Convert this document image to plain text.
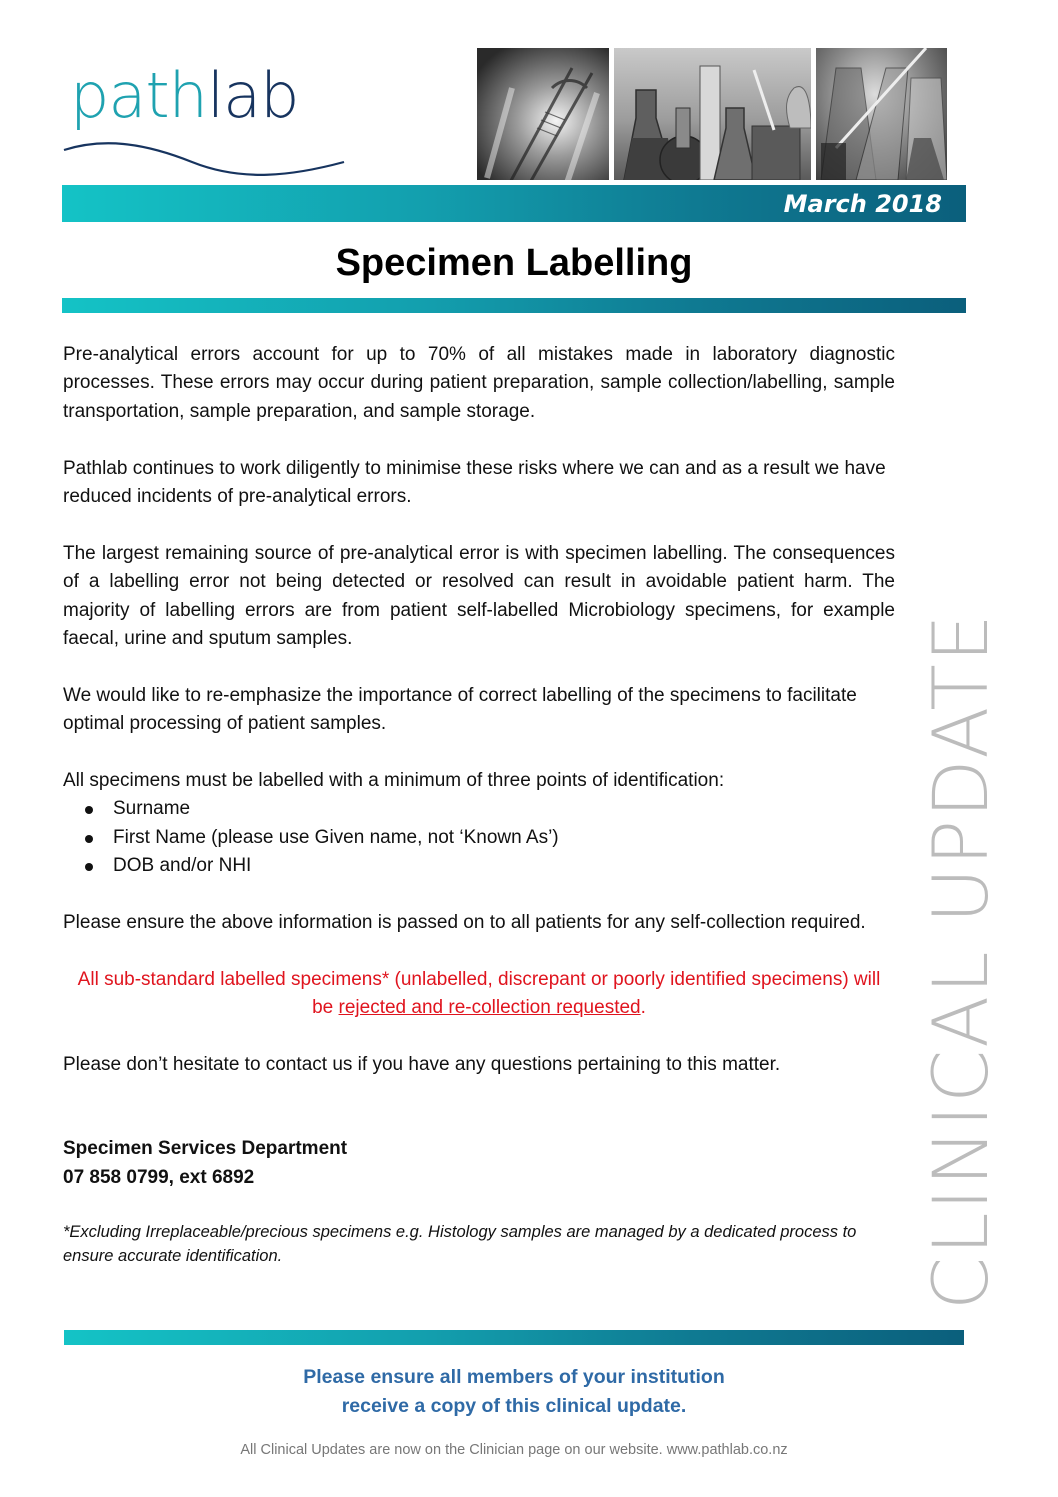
pathlab
March 2018
Specimen Labelling

Pre-analytical errors account for up to 70% of all mistakes made in laboratory diagnostic processes. These errors may occur during patient preparation, sample collection/labelling, sample transportation, sample preparation, and sample storage.

Pathlab continues to work diligently to minimise these risks where we can and as a result we have reduced incidents of pre-analytical errors.

The largest remaining source of pre-analytical error is with specimen labelling. The consequences of a labelling error not being detected or resolved can result in avoidable patient harm. The majority of labelling errors are from patient self-labelled Microbiology specimens, for example faecal, urine and sputum samples.

We would like to re-emphasize the importance of correct labelling of the specimens to facilitate optimal processing of patient samples.

All specimens must be labelled with a minimum of three points of identification:

Surname
First Name (please use Given name, not ‘Known As’)
DOB and/or NHI

Please ensure the above information is passed on to all patients for any self-collection required.

All sub-standard labelled specimens* (unlabelled, discrepant or poorly identified specimens) will be rejected and re-collection requested.

Please don’t hesitate to contact us if you have any questions pertaining to this matter.

Specimen Services Department
07 858 0799, ext 6892

*Excluding Irreplaceable/precious specimens e.g. Histology samples are managed by a dedicated process to ensure accurate identification.	CLINICAL UPDATE
Please ensure all members of your institution
receive a copy of this clinical update.
All Clinical Updates are now on the Clinician page on our website. www.pathlab.co.nz
